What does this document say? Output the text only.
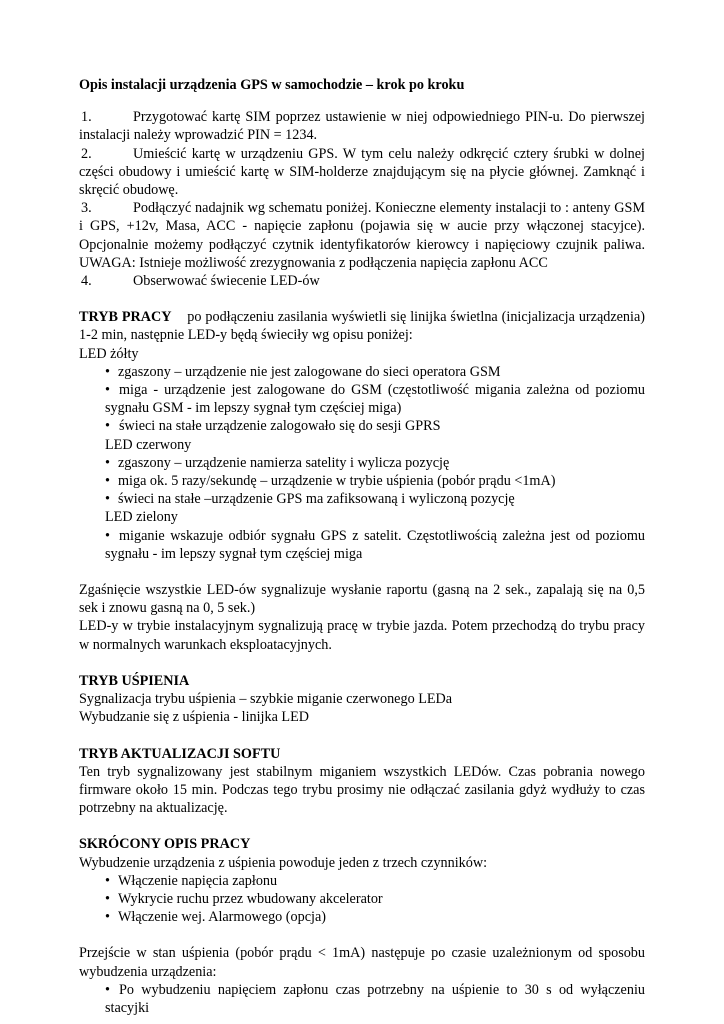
Opis instalacji urządzenia GPS w samochodzie – krok po kroku

1.	Przygotować kartę SIM poprzez ustawienie w niej odpowiedniego PIN-u. Do pierwszej instalacji należy wprowadzić PIN = 1234.
2.	Umieścić kartę w urządzeniu GPS. W tym celu należy odkręcić cztery śrubki w dolnej części obudowy i umieścić kartę w SIM-holderze znajdującym się na płycie głównej. Zamknąć i skręcić obudowę.
3.	Podłączyć nadajnik wg schematu poniżej. Konieczne elementy instalacji to : anteny GSM i GPS, +12v, Masa, ACC - napięcie zapłonu (pojawia się w aucie przy włączonej stacyjce). Opcjonalnie możemy podłączyć czytnik identyfikatorów kierowcy i napięciowy czujnik paliwa. UWAGA: Istnieje możliwość zrezygnowania z podłączenia napięcia zapłonu ACC
4.	Obserwować świecenie LED-ów

TRYB PRACY po podłączeniu zasilania wyświetli się linijka świetlna (inicjalizacja urządzenia) 1-2 min, następnie LED-y będą świeciły wg opisu poniżej:

LED żółty

• zgaszony – urządzenie nie jest zalogowane do sieci operatora GSM
• miga - urządzenie jest zalogowane do GSM (częstotliwość migania zależna od poziomu sygnału GSM - im lepszy sygnał tym częściej miga)
• świeci na stałe urządzenie zalogowało się do sesji GPRS

LED czerwony

• zgaszony – urządzenie namierza satelity i wylicza pozycję
• miga ok. 5 razy/sekundę – urządzenie w trybie uśpienia (pobór prądu <1mA)
• świeci na stałe –urządzenie GPS ma zafiksowaną i wyliczoną pozycję

LED zielony

• miganie wskazuje odbiór sygnału GPS z satelit. Częstotliwością zależna jest od poziomu sygnału - im lepszy sygnał tym częściej miga

Zgaśnięcie wszystkie LED-ów sygnalizuje wysłanie raportu (gasną na 2 sek., zapalają się na 0,5 sek i znowu gasną na 0, 5 sek.)

LED-y w trybie instalacyjnym sygnalizują pracę w trybie jazda. Potem przechodzą do trybu pracy w normalnych warunkach eksploatacyjnych.

TRYB UŚPIENIA

Sygnalizacja trybu uśpienia – szybkie miganie czerwonego LEDa

Wybudzanie się z uśpienia - linijka LED

TRYB AKTUALIZACJI SOFTU

Ten tryb sygnalizowany jest stabilnym miganiem wszystkich LEDów. Czas pobrania nowego firmware około 15 min. Podczas tego trybu prosimy nie odłączać zasilania gdyż wydłuży to czas potrzebny na aktualizację.

SKRÓCONY OPIS PRACY

Wybudzenie urządzenia z uśpienia powoduje jeden z trzech czynników:

• Włączenie napięcia zapłonu
• Wykrycie ruchu przez wbudowany akcelerator
• Włączenie wej. Alarmowego (opcja)

Przejście w stan uśpienia (pobór prądu < 1mA) następuje po czasie uzależnionym od sposobu wybudzenia urządzenia:

• Po wybudzeniu napięciem zapłonu czas potrzebny na uśpienie to 30 s od wyłączeniu stacyjki
